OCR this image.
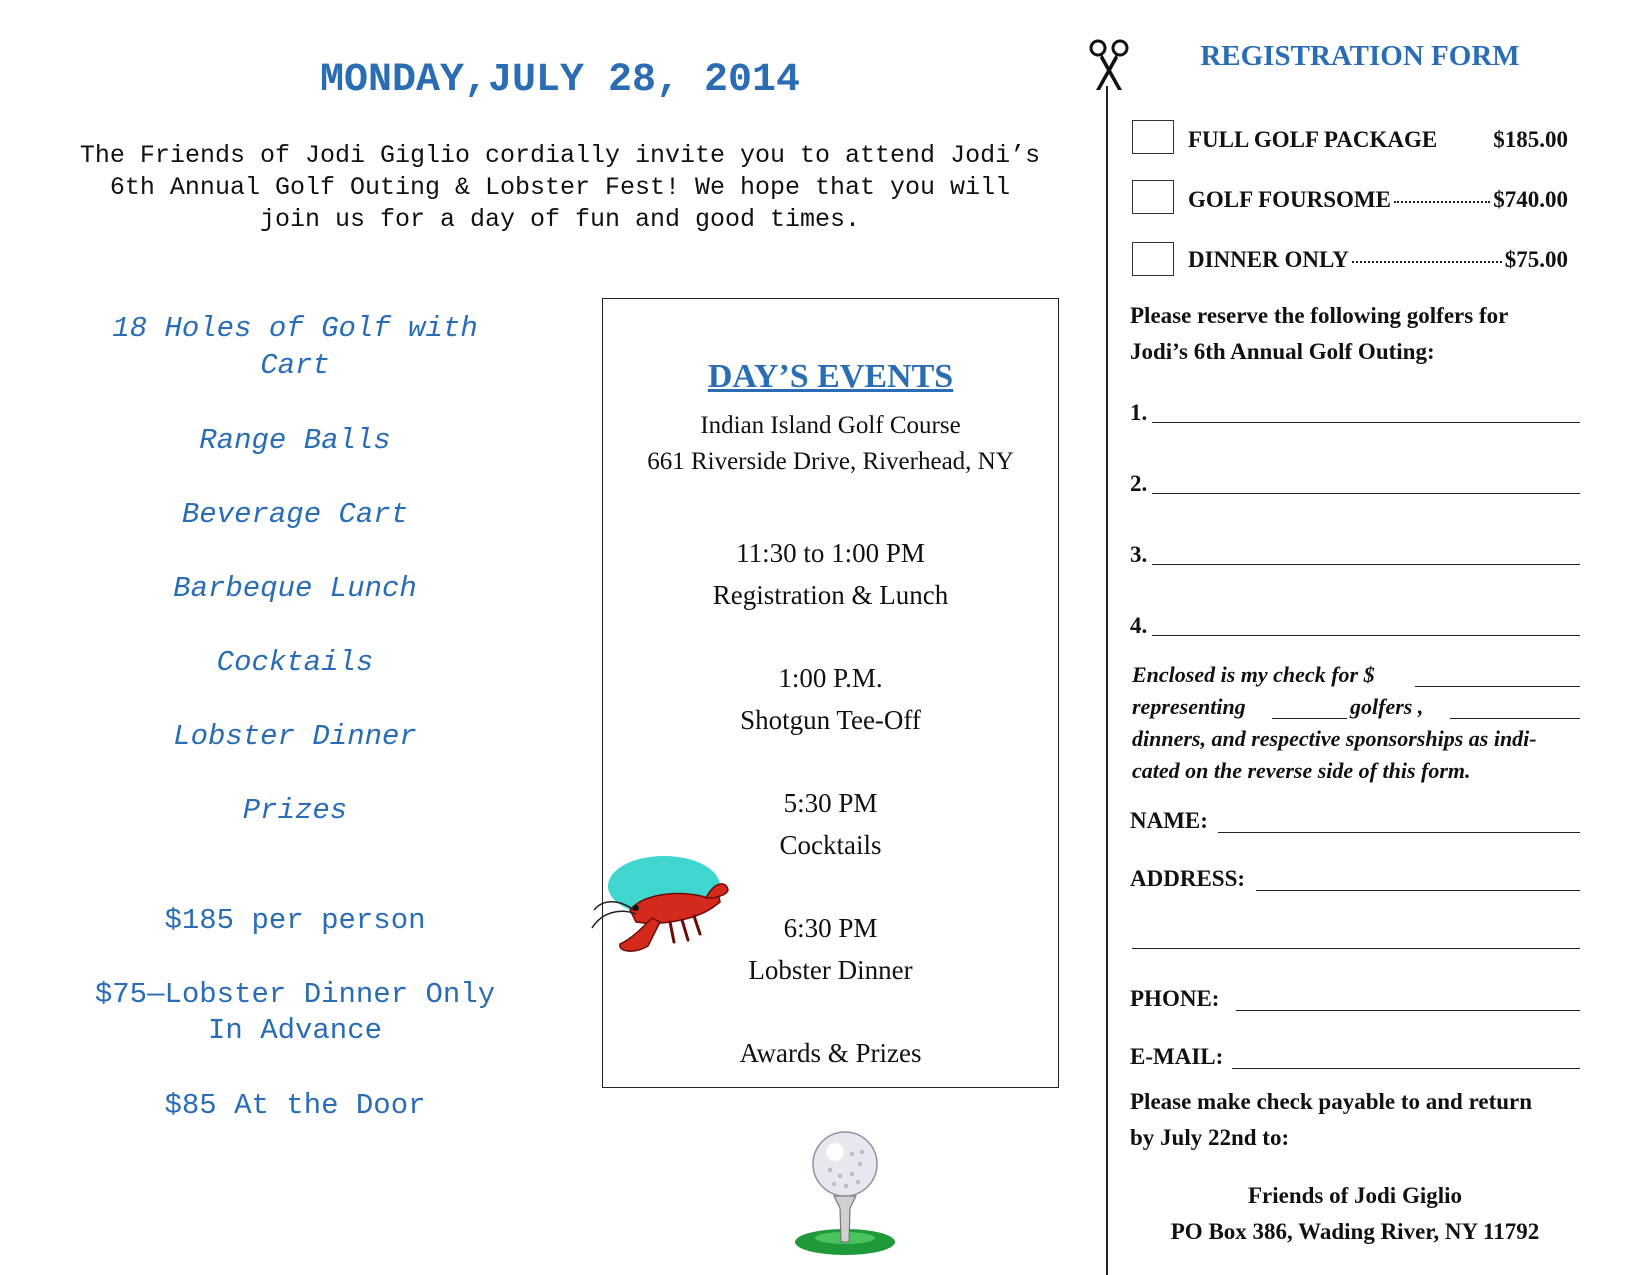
MONDAY,JULY 28, 2014
The Friends of Jodi Giglio cordially invite you to attend Jodi’s
6th Annual Golf Outing & Lobster Fest! We hope that you will
join us for a day of fun and good times.
18 Holes of Golf with
Cart
Range Balls
Beverage Cart
Barbeque Lunch
Cocktails
Lobster Dinner
Prizes
$185 per person
$75—Lobster Dinner Only
In Advance
$85 At the Door
DAY’S EVENTS
Indian Island Golf Course
661 Riverside Drive, Riverhead, NY
11:30 to 1:00 PM
Registration & Lunch
1:00 P.M.
Shotgun Tee-Off
5:30 PM
Cocktails
6:30 PM
Lobster Dinner
Awards & Prizes
REGISTRATION FORM
FULL GOLF PACKAGE $185.00
GOLF FOURSOME	$740.00
DINNER ONLY	$75.00
Please reserve the following golfers for
Jodi’s 6th Annual Golf Outing:
1.
2.
3.
4.
Enclosed is my check for $
representing	golfers ,
dinners, and respective sponsorships as indi-
cated on the reverse side of this form.
NAME:
ADDRESS:
PHONE:
E-MAIL:
Please make check payable to and return
by July 22nd to:
Friends of Jodi Giglio
PO Box 386, Wading River, NY 11792
